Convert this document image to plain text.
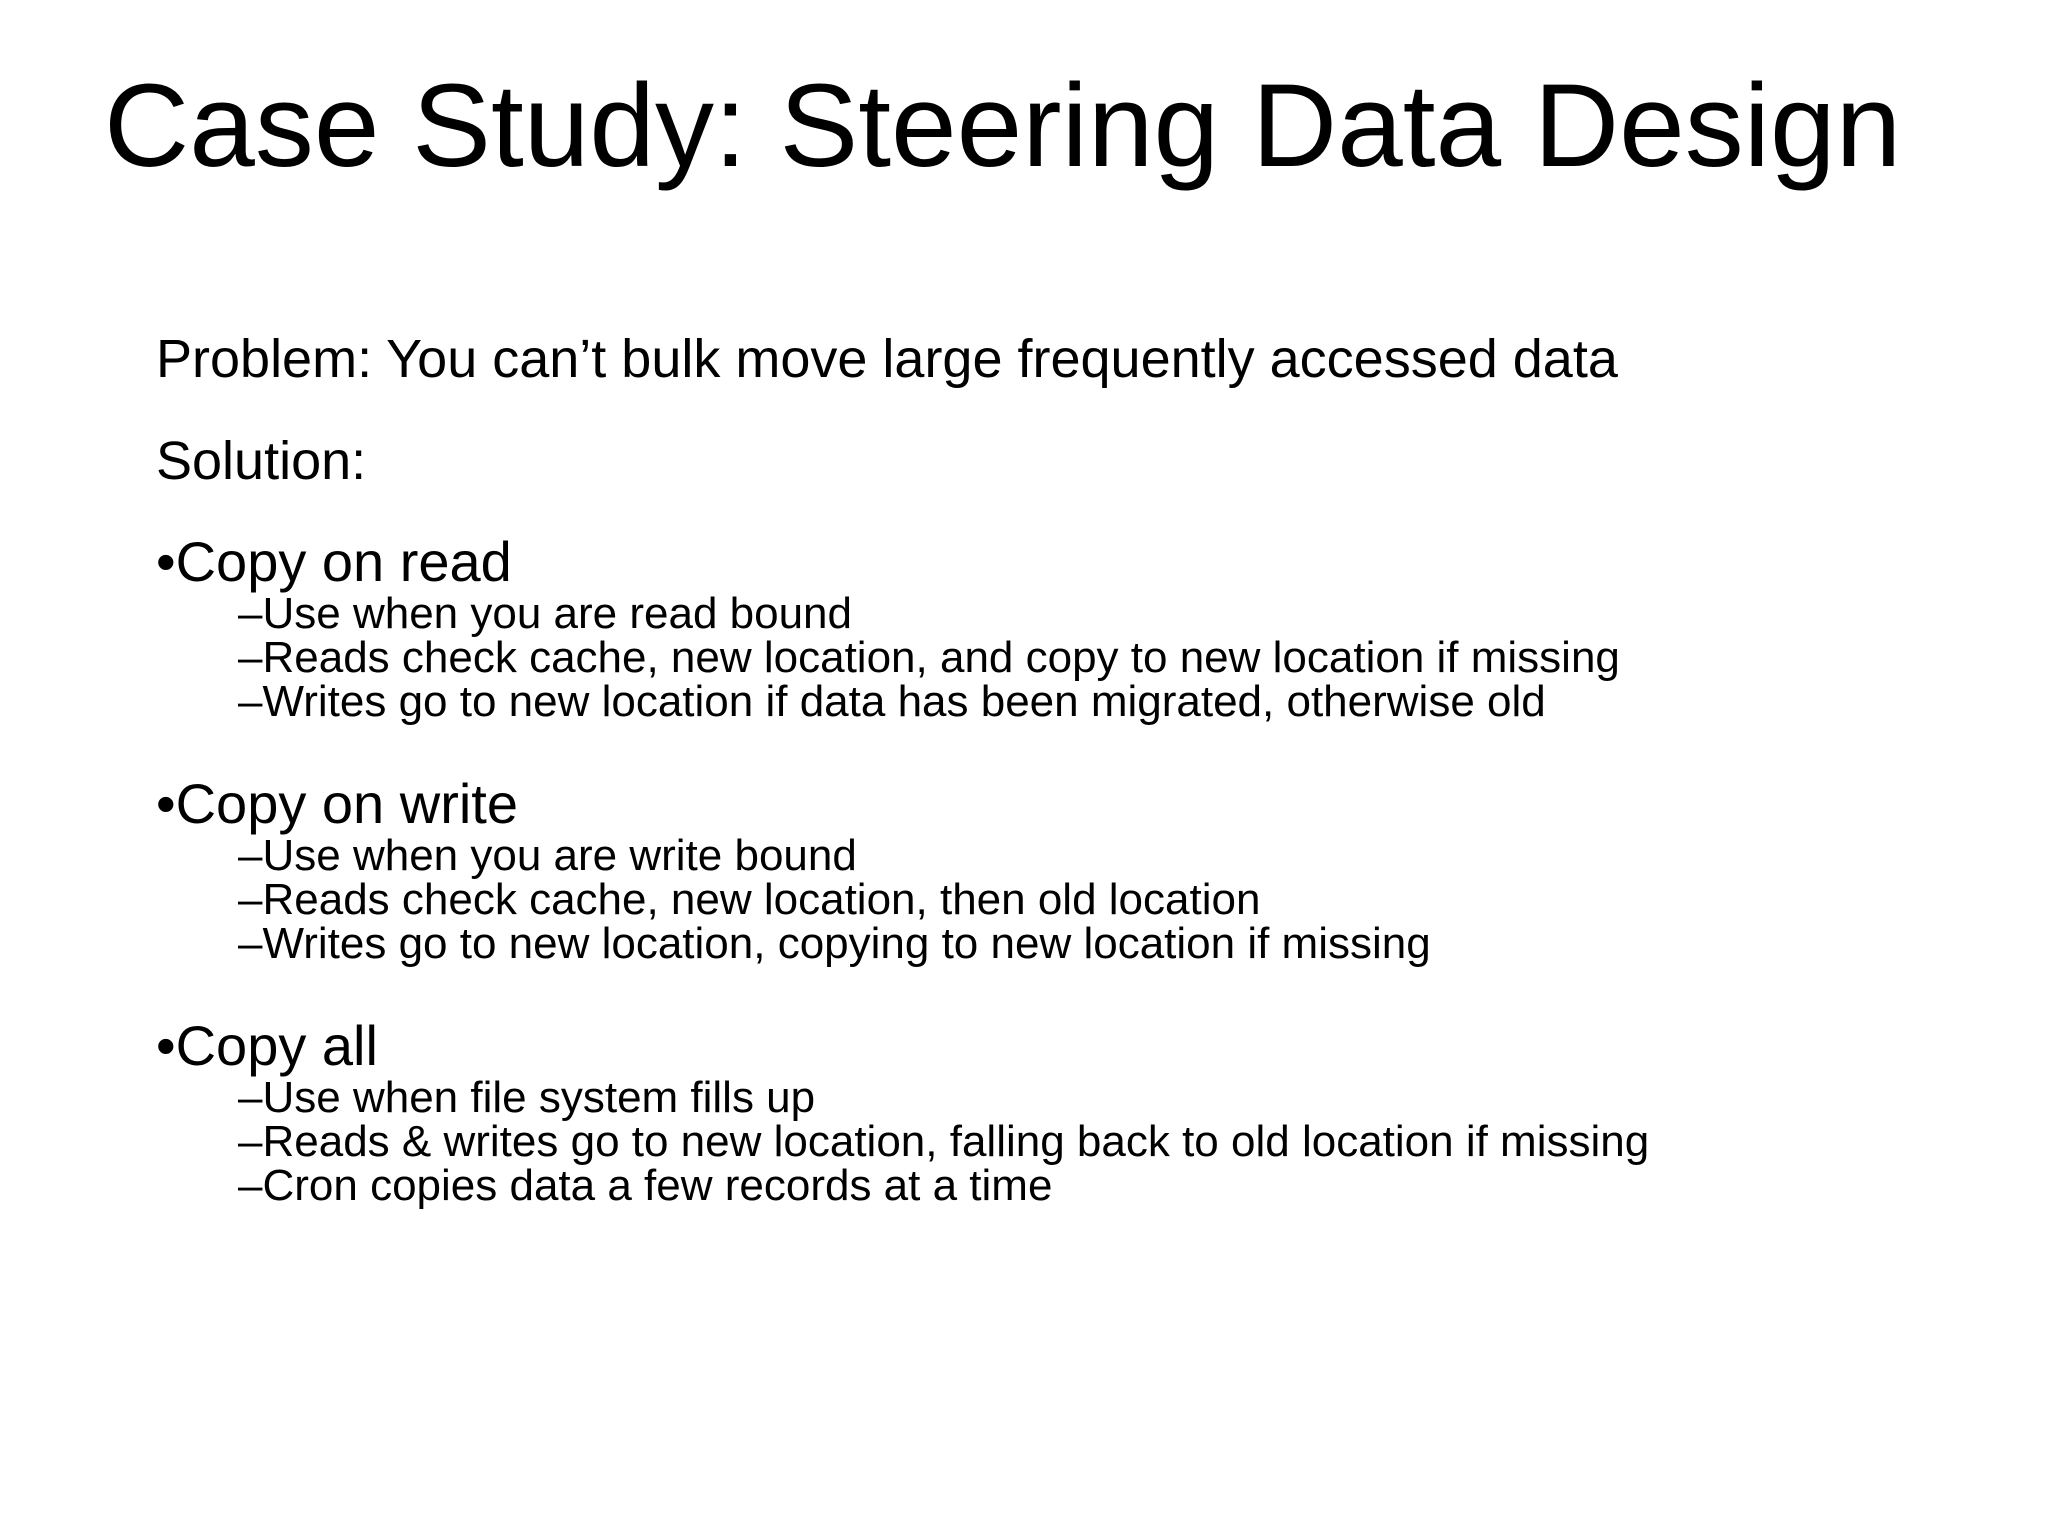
Case Study: Steering Data Design

Problem: You can’t bulk move large frequently accessed data

Solution:

• Copy on read

– Use when you are read bound
– Reads check cache, new location, and copy to new location if missing
– Writes go to new location if data has been migrated, otherwise old

• Copy on write

– Use when you are write bound
– Reads check cache, new location, then old location
– Writes go to new location, copying to new location if missing

• Copy all

– Use when file system fills up
– Reads & writes go to new location, falling back to old location if missing
– Cron copies data a few records at a time
